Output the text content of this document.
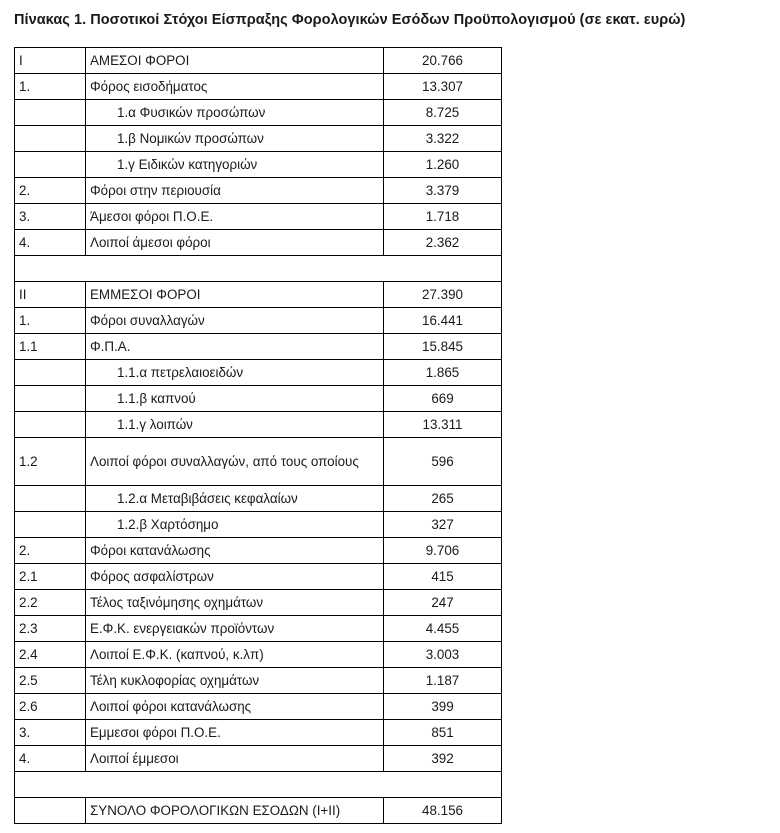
Πίνακας 1. Ποσοτικοί Στόχοι Είσπραξης Φορολογικών Εσόδων Προϋπολογισμού (σε εκατ. ευρώ)
I	ΑΜΕΣΟΙ ΦΟΡΟΙ	20.766
1.	Φόρος εισοδήματος	13.307
	1.α Φυσικών προσώπων	8.725
	1.β Νομικών προσώπων	3.322
	1.γ Ειδικών κατηγοριών	1.260
2.	Φόροι στην περιουσία	3.379
3.	Άμεσοι φόροι Π.Ο.Ε.	1.718
4.	Λοιποί άμεσοι φόροι	2.362

II	ΕΜΜΕΣΟΙ ΦΟΡΟΙ	27.390
1.	Φόροι συναλλαγών	16.441
1.1	Φ.Π.Α.	15.845
	1.1.α πετρελαιοειδών	1.865
	1.1.β καπνού	669
	1.1.γ λοιπών	13.311
1.2	Λοιποί φόροι συναλλαγών, από τους οποίους	596
	1.2.α Μεταβιβάσεις κεφαλαίων	265
	1.2.β Χαρτόσημο	327
2.	Φόροι κατανάλωσης	9.706
2.1	Φόρος ασφαλίστρων	415
2.2	Τέλος ταξινόμησης οχημάτων	247
2.3	Ε.Φ.Κ. ενεργειακών προϊόντων	4.455
2.4	Λοιποί Ε.Φ.Κ. (καπνού, κ.λπ)	3.003
2.5	Τέλη κυκλοφορίας οχημάτων	1.187
2.6	Λοιποί φόροι κατανάλωσης	399
3.	Εμμεσοι φόροι Π.Ο.Ε.	851
4.	Λοιποί έμμεσοι	392

	ΣΥΝΟΛΟ ΦΟΡΟΛΟΓΙΚΩΝ ΕΣΟΔΩΝ (I+II)	48.156
